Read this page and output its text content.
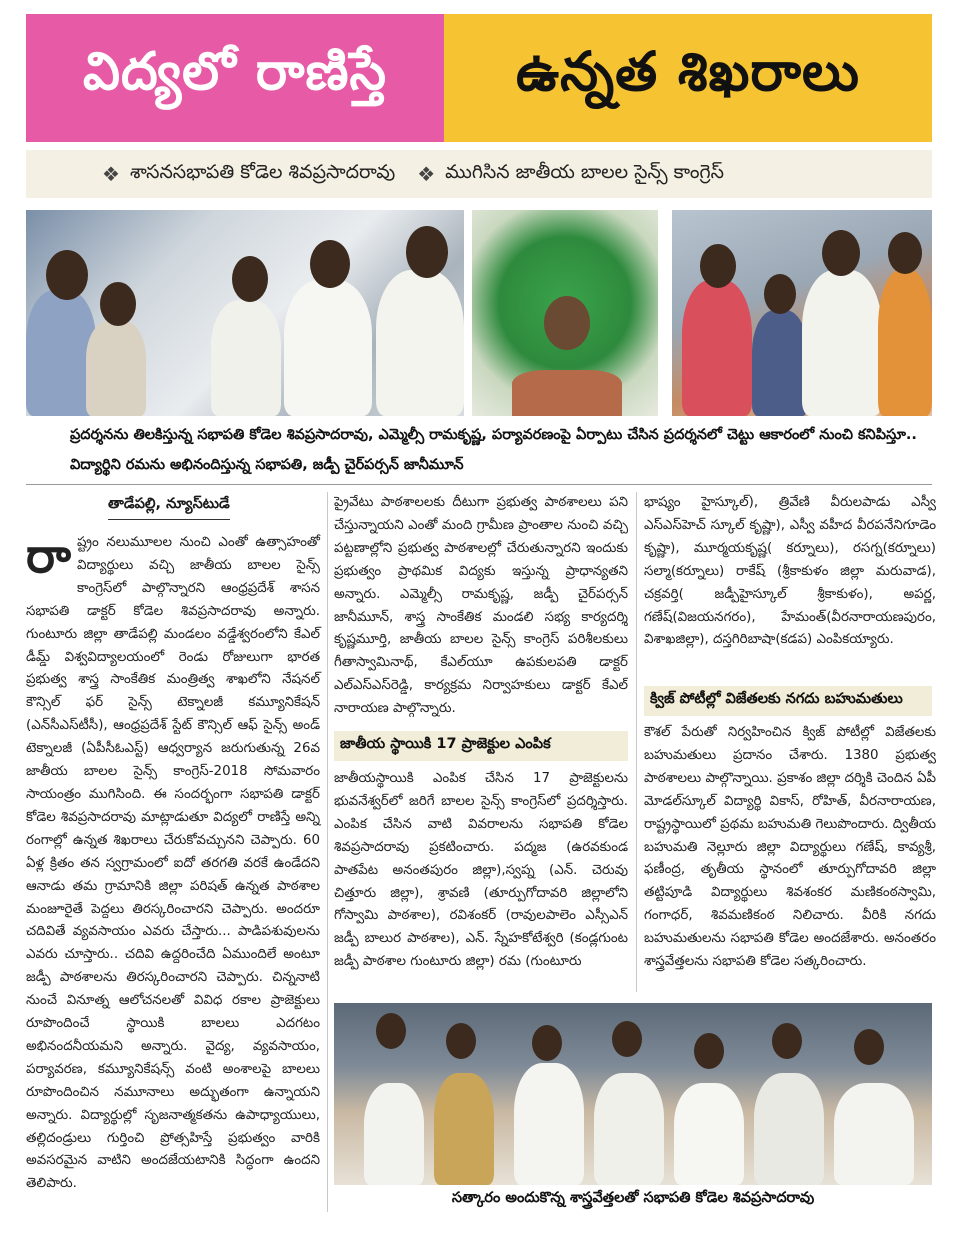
విద్యలో రాణిస్తే	ఉన్నత శిఖరాలు
❖ శాసనసభాపతి కోడెల శివప్రసాదరావు ❖ ముగిసిన జాతీయ బాలల సైన్స్ కాంగ్రెస్
ప్రదర్శనను తిలకిస్తున్న సభాపతి కోడెల శివప్రసాదరావు, ఎమ్మెల్సీ రామకృష్ణ, పర్యావరణంపై ఏర్పాటు చేసిన ప్రదర్శనలో చెట్టు ఆకారంలో నుంచి కనిపిస్తూ.. విద్యార్థిని రమను అభినందిస్తున్న సభాపతి, జడ్పీ చైర్‌పర్సన్ జానీమూన్
తాడేపల్లి, న్యూస్‌టుడే
రా ష్ట్రం నలుమూలల నుంచి ఎంతో ఉత్సాహంతో విద్యార్థులు వచ్చి జాతీయ బాలల సైన్స్ కాంగ్రెస్‌లో పాల్గొన్నారని ఆంధ్రప్రదేశ్ శాసన సభాపతి డాక్టర్ కోడెల శివప్రసాదరావు అన్నారు. గుంటూరు జిల్లా తాడేపల్లి మండలం వడ్డేశ్వరంలోని కేఎల్ డీమ్డ్ విశ్వవిద్యాలయంలో రెండు రోజులుగా భారత ప్రభుత్వ శాస్త్ర సాంకేతిక మంత్రిత్వ శాఖలోని నేషనల్ కౌన్సిల్ ఫర్ సైన్స్ టెక్నాలజీ కమ్యూనికేషన్ (ఎన్‌సీఎస్‌టీసీ), ఆంధ్రప్రదేశ్ స్టేట్ కౌన్సిల్ ఆఫ్ సైన్స్ అండ్ టెక్నాలజీ (ఏపీసీఓఎస్ట్) ఆధ్వర్యాన జరుగుతున్న 26వ జాతీయ బాలల సైన్స్ కాంగ్రెస్-2018 సోమవారం సాయంత్రం ముగిసింది. ఈ సందర్భంగా సభాపతి డాక్టర్ కోడెల శివప్రసాదరావు మాట్లాడుతూ విద్యలో రాణిస్తే అన్ని రంగాల్లో ఉన్నత శిఖరాలు చేరుకోవచ్చునని చెప్పారు. 60 ఏళ్ల క్రితం తన స్వగ్రామంలో ఐదో తరగతి వరకే ఉండేదని ఆనాడు తమ గ్రామానికి జిల్లా పరిషత్ ఉన్నత పాఠశాల మంజూరైతే పెద్దలు తిరస్కరించారని చెప్పారు. అందరూ చదివితే వ్యవసాయం ఎవరు చేస్తారు... పాడిపశువులను ఎవరు చూస్తారు.. చదివి ఉద్దరించేది ఏముందిలే అంటూ జడ్పీ పాఠశాలను తిరస్కరించారని చెప్పారు. చిన్ననాటి నుంచే వినూత్న ఆలోచనలతో వివిధ రకాల ప్రాజెక్టులు రూపొందించే స్థాయికి బాలలు ఎదగటం అభినందనీయమని అన్నారు. వైద్య, వ్యవసాయం, పర్యావరణ, కమ్యూనికేషన్స్ వంటి అంశాలపై బాలలు రూపొందించిన నమూనాలు అద్భుతంగా ఉన్నాయని అన్నారు. విద్యార్థుల్లో సృజనాత్మకతను ఉపాధ్యాయులు, తల్లిదండ్రులు గుర్తించి ప్రోత్సహిస్తే ప్రభుత్వం వారికి అవసరమైన వాటిని అందజేయటానికి సిద్ధంగా ఉందని తెలిపారు.
ప్రైవేటు పాఠశాలలకు దీటుగా ప్రభుత్వ పాఠశాలలు పని చేస్తున్నాయని ఎంతో మంది గ్రామీణ ప్రాంతాల నుంచి వచ్చి పట్టణాల్లోని ప్రభుత్వ పాఠశాలల్లో చేరుతున్నారని ఇందుకు ప్రభుత్వం ప్రాథమిక విద్యకు ఇస్తున్న ప్రాధాన్యతని అన్నారు. ఎమ్మెల్సీ రామకృష్ణ, జడ్పీ చైర్‌పర్సన్ జానీమూన్, శాస్త్ర సాంకేతిక మండలి సభ్య కార్యదర్శి కృష్ణమూర్తి, జాతీయ బాలల సైన్స్ కాంగ్రెస్ పరిశీలకులు గీతాస్వామినాథ్, కేఎల్‌యూ ఉపకులపతి డాక్టర్ ఎల్ఎస్ఎస్‌రెడ్డి, కార్యక్రమ నిర్వాహకులు డాక్టర్ కేఎల్ నారాయణ పాల్గొన్నారు.
జాతీయ స్థాయికి 17 ప్రాజెక్టుల ఎంపిక
జాతీయస్థాయికి ఎంపిక చేసిన 17 ప్రాజెక్టులను భువనేశ్వర్‌లో జరిగే బాలల సైన్స్ కాంగ్రెస్‌లో ప్రదర్శిస్తారు. ఎంపిక చేసిన వాటి వివరాలను సభాపతి కోడెల శివప్రసాదరావు ప్రకటించారు. పద్మజ (ఉరవకుండ పాతపేట అనంతపురం జిల్లా),స్వప్న (ఎన్. చెరువు చిత్తూరు జిల్లా), శ్రావణి (తూర్పుగోదావరి జిల్లాలోని గోస్వామి పాఠశాల), రవిశంకర్ (రావులపాలెం ఎస్సీఎన్ జడ్పీ బాలుర పాఠశాల), ఎన్. స్నేహకోటేశ్వరి (కండ్లగుంట జడ్పీ పాఠశాల గుంటూరు జిల్లా) రమ (గుంటూరు
భాష్యం హైస్కూల్), త్రివేణి వీరులపాడు ఎస్వీ ఎస్ఎస్‌హెచ్ స్కూల్ కృష్ణా), ఎస్వీ వహీద వీరపనేనిగూడెం కృష్ణా), మూర్మయకృష్ణ( కర్నూలు), రసగ్న(కర్నూలు) సల్మా(కర్నూలు) రాకేష్ (శ్రీకాకుళం జిల్లా మరువాడ), చక్రవర్తి( జడ్పీహైస్కూల్ శ్రీకాకుళం), అపర్ణ, గణేష్(విజయనగరం), హేమంత్(వీరనారాయణపురం, విశాఖజిల్లా), దస్తగిరిబాషా(కడప) ఎంపికయ్యారు.
క్విజ్ పోటీల్లో విజేతలకు నగదు బహుమతులు
కౌశల్ పేరుతో నిర్వహించిన క్విజ్ పోటీల్లో విజేతలకు బహుమతులు ప్రదానం చేశారు. 1380 ప్రభుత్వ పాఠశాలలు పాల్గొన్నాయి. ప్రకాశం జిల్లా దర్శికి చెందిన ఏపీ మోడల్‌స్కూల్ విద్యార్థి వికాస్, రోహిత్, వీరనారాయణ, రాష్ట్రస్థాయిలో ప్రథమ బహుమతి గెలుపొందారు. ద్వితీయ బహుమతి నెల్లూరు జిల్లా విద్యార్థులు గణేష్, కావ్యశ్రీ, ఫణీంద్ర, తృతీయ స్థానంలో తూర్పుగోదావరి జిల్లా తట్టిపూడి విద్యార్థులు శివశంకర మణికంఠస్వామి, గంగాధర్, శివమణికంఠ నిలిచారు. వీరికి నగదు బహుమతులను సభాపతి కోడెల అందజేశారు. అనంతరం శాస్త్రవేత్తలను సభాపతి కోడెల సత్కరించారు.
సత్కారం అందుకొన్న శాస్త్రవేత్తలతో సభాపతి కోడెల శివప్రసాదరావు
